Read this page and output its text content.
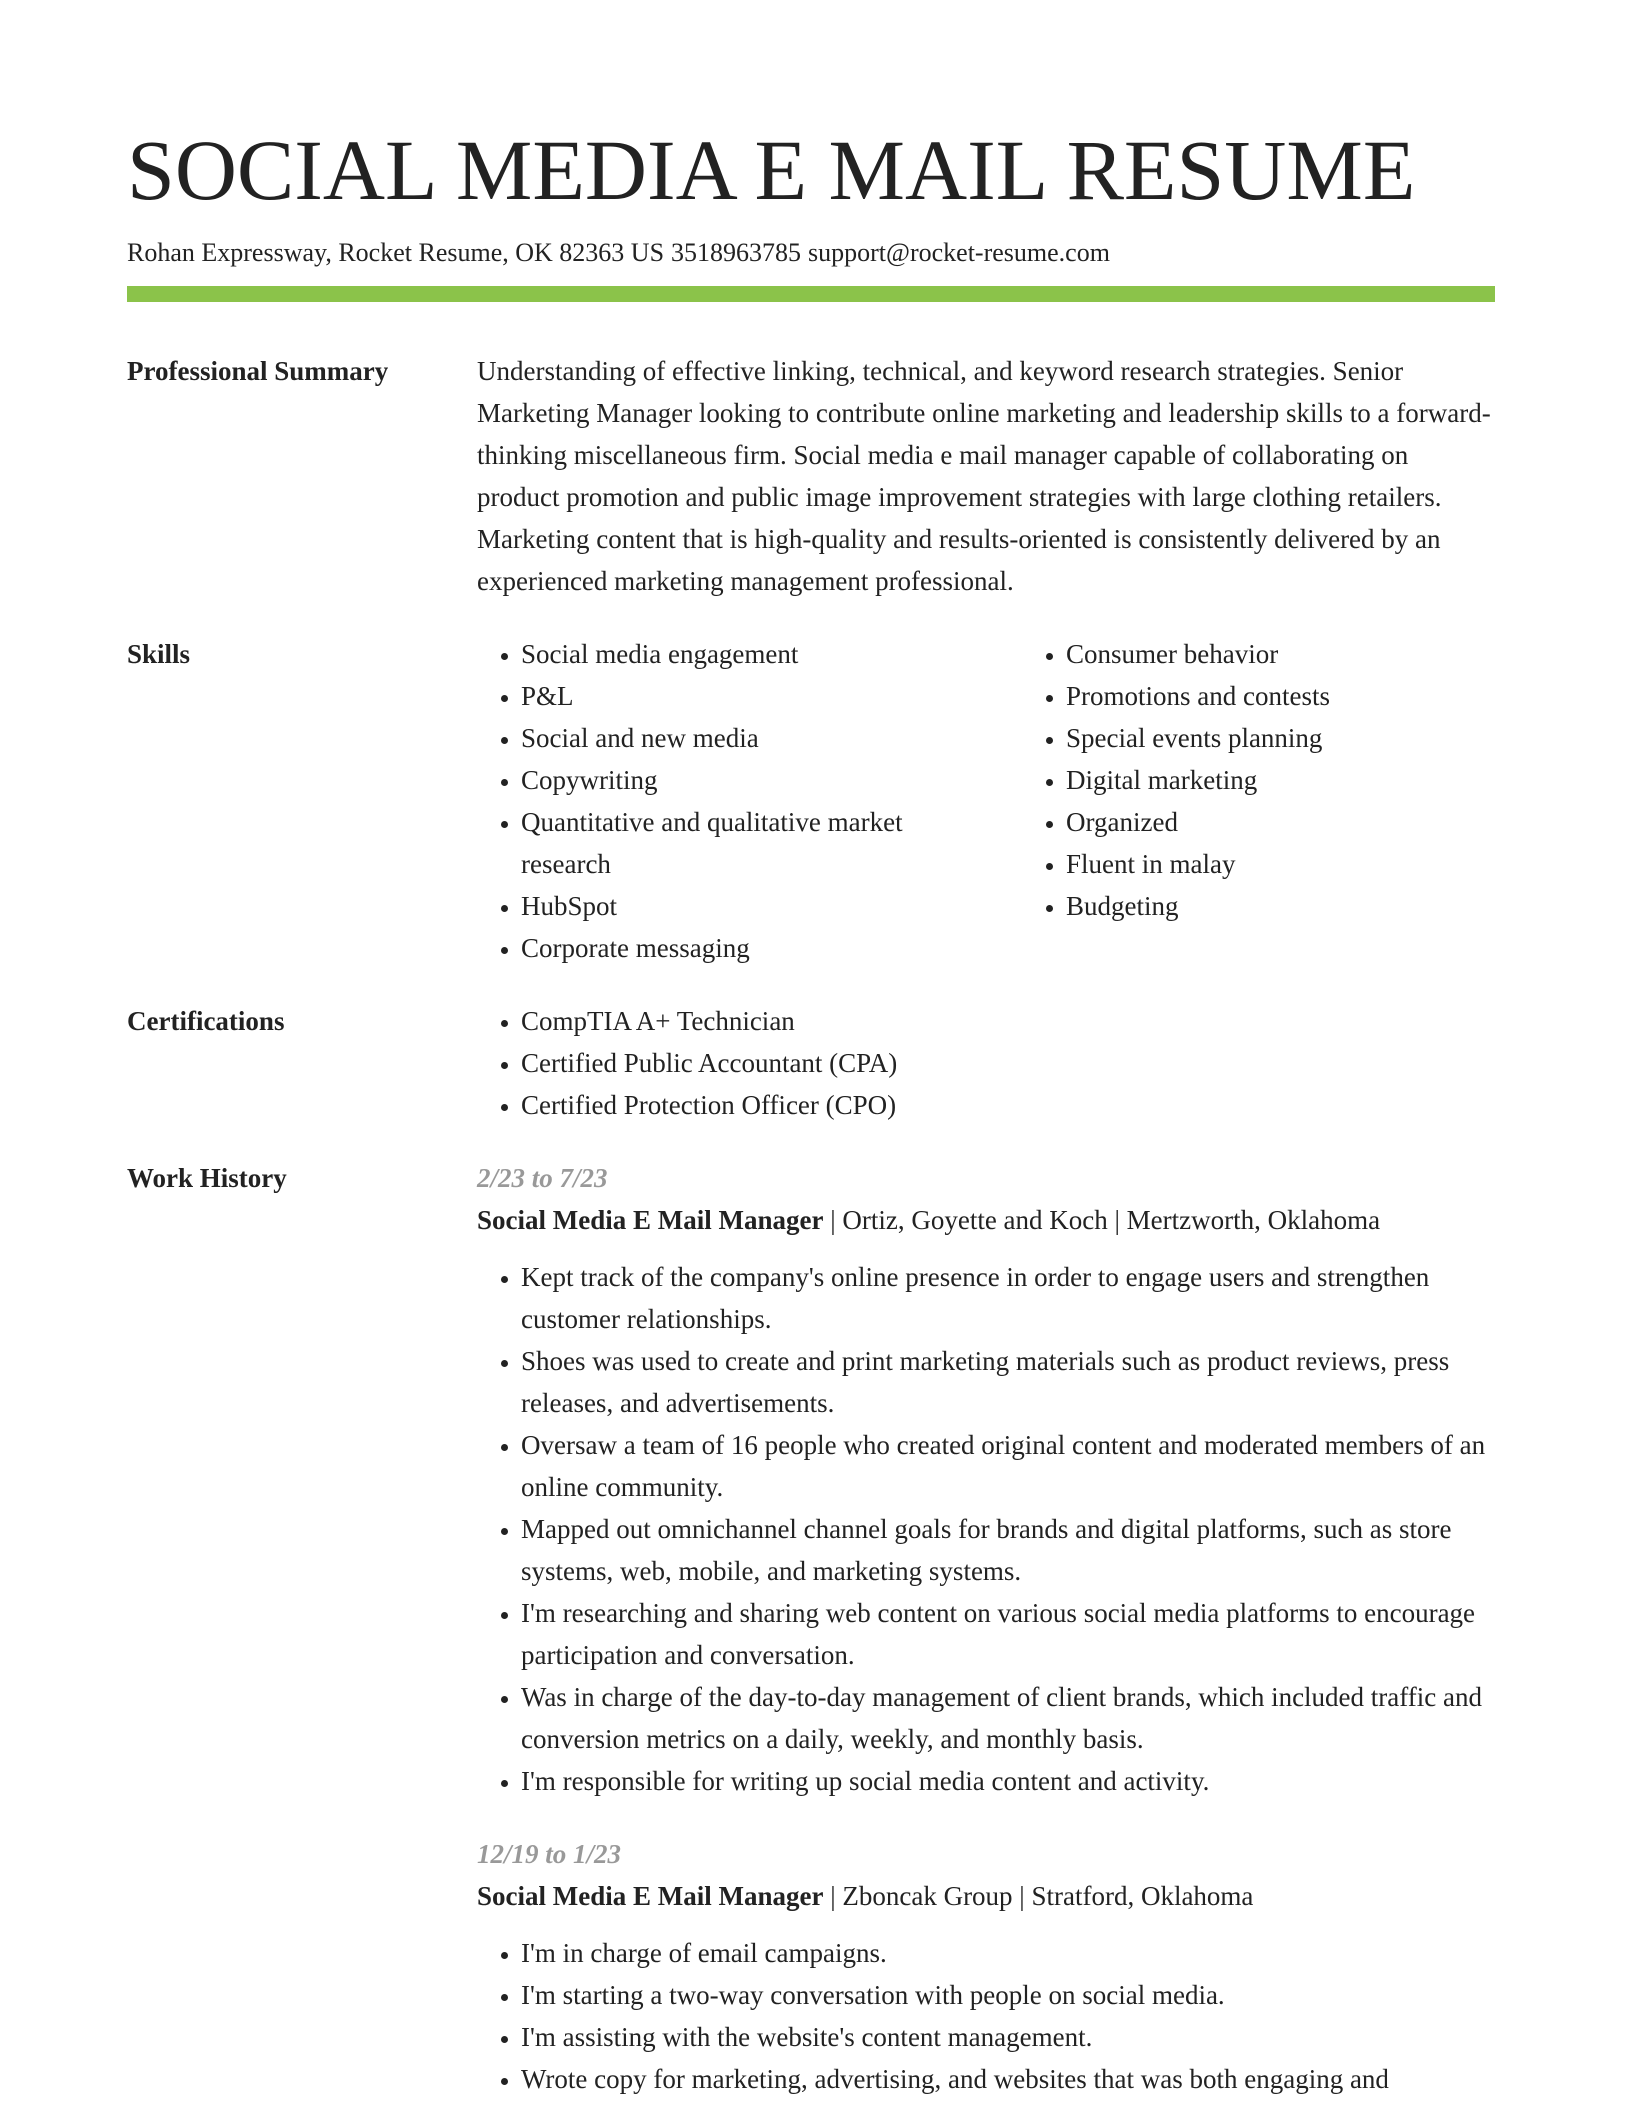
SOCIAL MEDIA E MAIL RESUME
Rohan Expressway, Rocket Resume, OK 82363 US 3518963785 support@rocket-resume.com
Professional Summary	Understanding of effective linking, technical, and keyword research strategies. Senior Marketing Manager looking to contribute online marketing and leadership skills to a forward-thinking miscellaneous firm. Social media e mail manager capable of collaborating on product promotion and public image improvement strategies with large clothing retailers. Marketing content that is high-quality and results-oriented is consistently delivered by an experienced marketing management professional.
Skills	• Social media engagement
• P&L
• Social and new media
• Copywriting
• Quantitative and qualitative market research
• HubSpot
• Corporate messaging
• Consumer behavior
• Promotions and contests
• Special events planning
• Digital marketing
• Organized
• Fluent in malay
• Budgeting
Certifications	• CompTIA A+ Technician
• Certified Public Accountant (CPA)
• Certified Protection Officer (CPO)
Work History	2/23 to 7/23
Social Media E Mail Manager | Ortiz, Goyette and Koch | Mertzworth, Oklahoma
• Kept track of the company's online presence in order to engage users and strengthen customer relationships.
• Shoes was used to create and print marketing materials such as product reviews, press releases, and advertisements.
• Oversaw a team of 16 people who created original content and moderated members of an online community.
• Mapped out omnichannel channel goals for brands and digital platforms, such as store systems, web, mobile, and marketing systems.
• I'm researching and sharing web content on various social media platforms to encourage participation and conversation.
• Was in charge of the day-to-day management of client brands, which included traffic and conversion metrics on a daily, weekly, and monthly basis.
• I'm responsible for writing up social media content and activity.
12/19 to 1/23
Social Media E Mail Manager | Zboncak Group | Stratford, Oklahoma
• I'm in charge of email campaigns.
• I'm starting a two-way conversation with people on social media.
• I'm assisting with the website's content management.
• Wrote copy for marketing, advertising, and websites that was both engaging and
